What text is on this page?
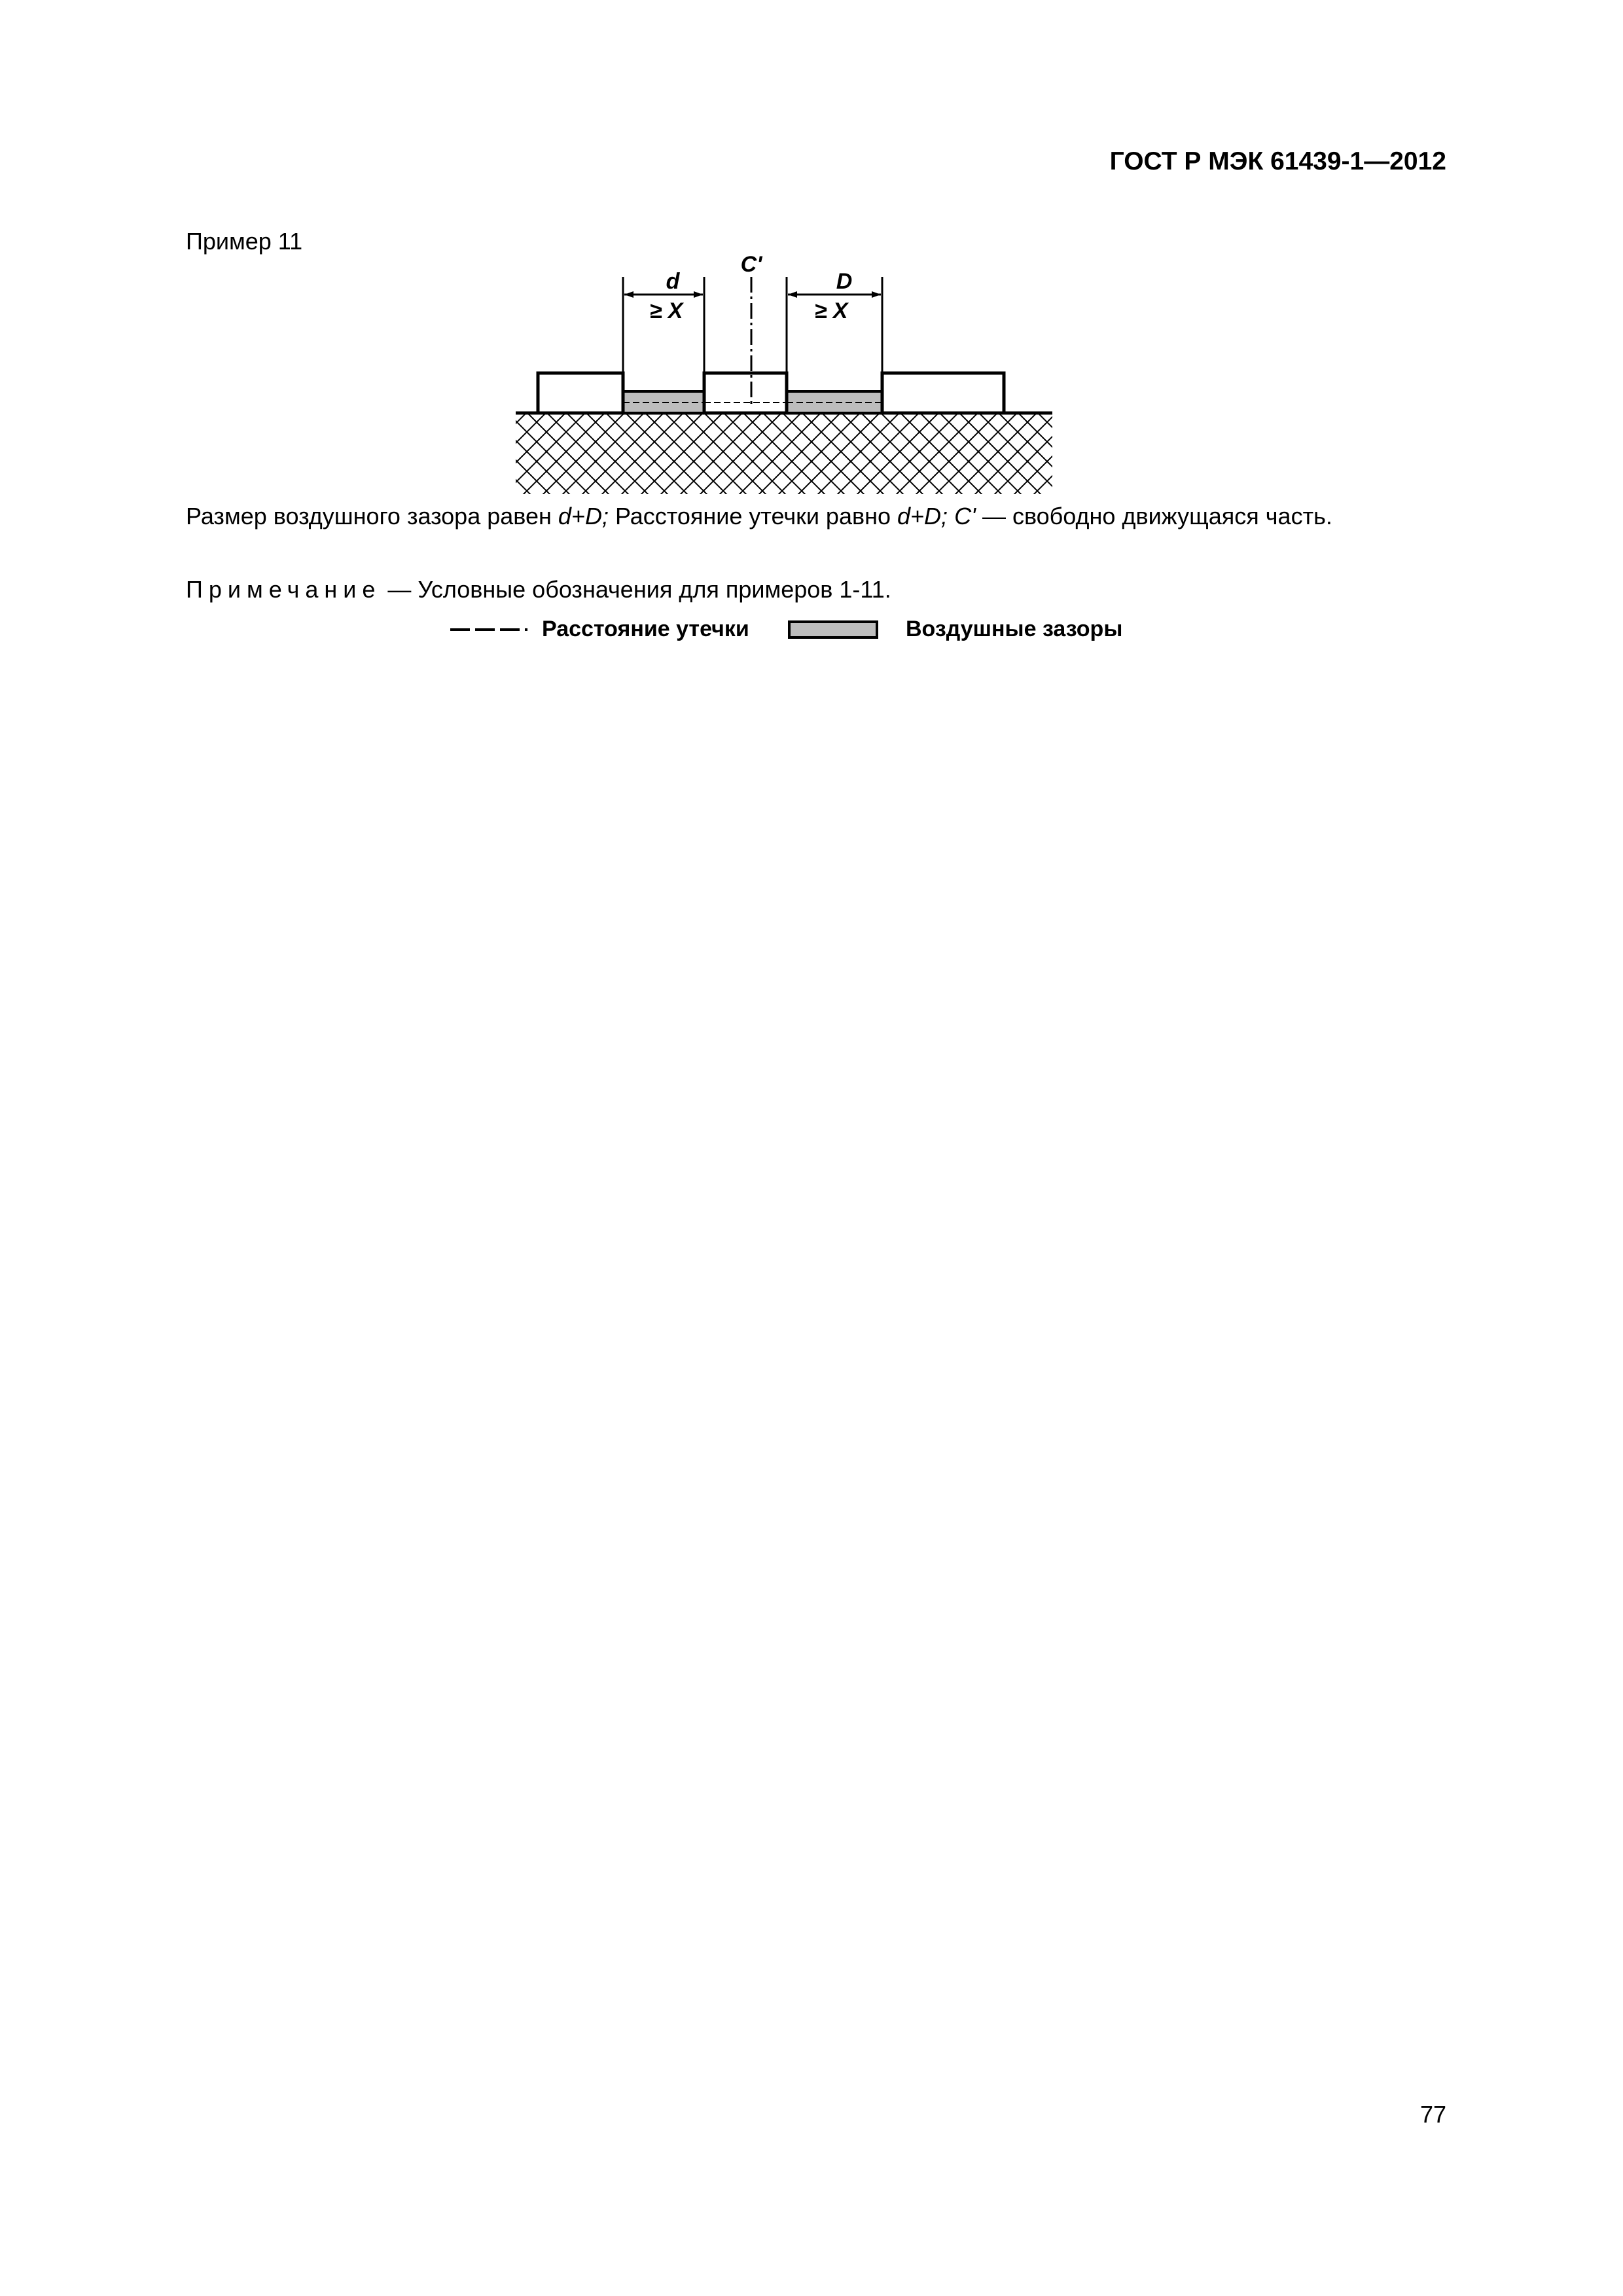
ГОСТ Р МЭК 61439-1—2012
Пример 11
d
≥ X
D
≥ X
C'
Размер воздушного зазора равен d+D; Расстояние утечки равно d+D; C' — свободно движущаяся часть.
Примечание — Условные обозначения для примеров 1-11.
Расстояние утечки	Воздушные зазоры
77
